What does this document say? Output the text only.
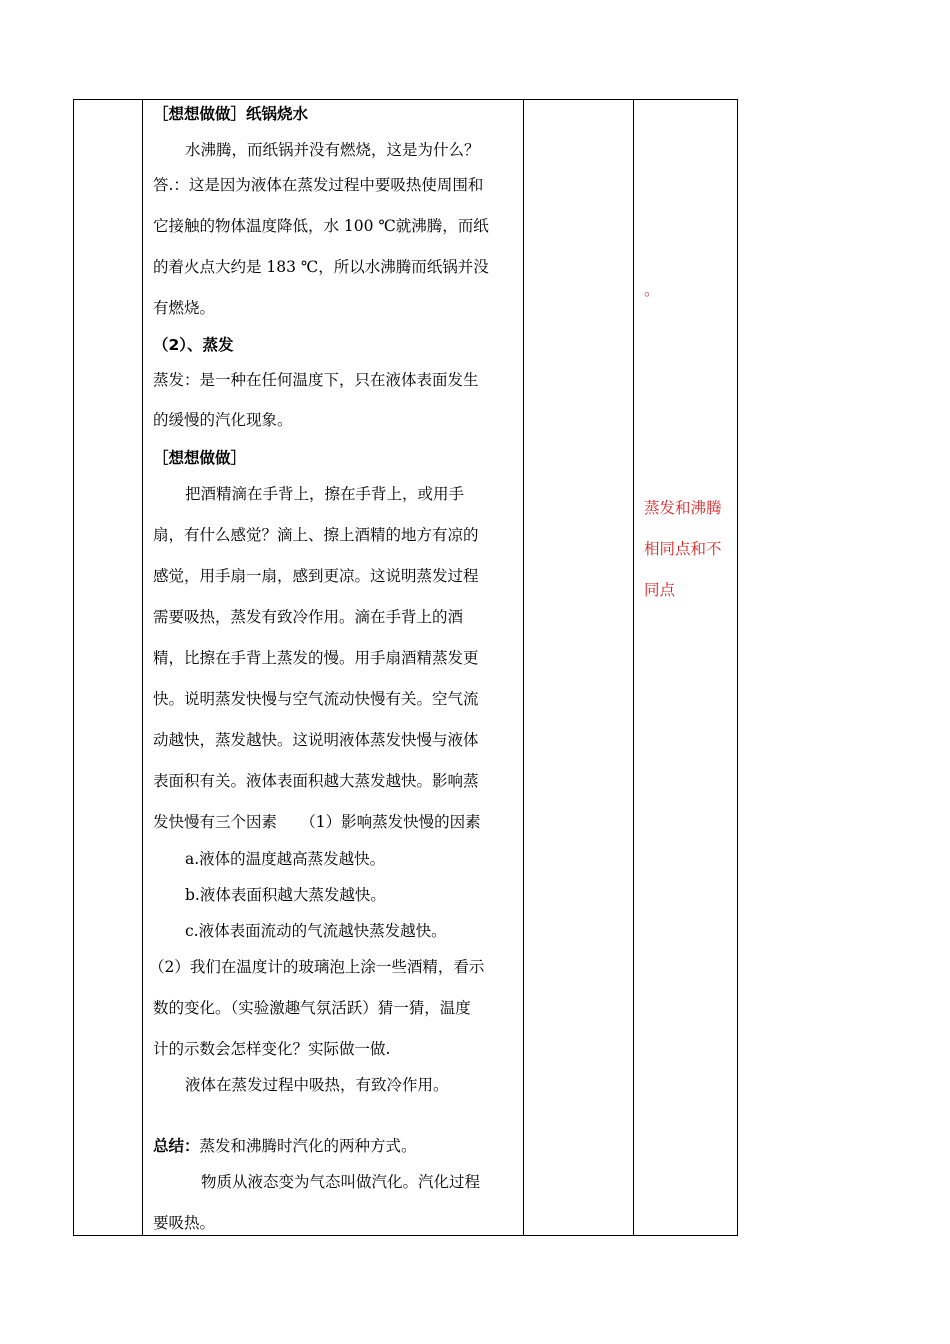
［想想做做］纸锅烧水
水沸腾，而纸锅并没有燃烧，这是为什么？
答.：这是因为液体在蒸发过程中要吸热使周围和
它接触的物体温度降低，水 100 ℃就沸腾，而纸
的着火点大约是 183 ℃，所以水沸腾而纸锅并没
有燃烧。
（2）、蒸发
蒸发：是一种在任何温度下，只在液体表面发生
的缓慢的汽化现象。
［想想做做］
把酒精滴在手背上，擦在手背上，或用手
扇，有什么感觉？滴上、擦上酒精的地方有凉的
感觉，用手扇一扇，感到更凉。这说明蒸发过程
需要吸热，蒸发有致冷作用。滴在手背上的酒
精，比擦在手背上蒸发的慢。用手扇酒精蒸发更
快。说明蒸发快慢与空气流动快慢有关。空气流
动越快，蒸发越快。这说明液体蒸发快慢与液体
表面积有关。液体表面积越大蒸发越快。影响蒸
发快慢有三个因素　　（1）影响蒸发快慢的因素
a.液体的温度越高蒸发越快。
b.液体表面积越大蒸发越快。
c.液体表面流动的气流越快蒸发越快。
（2）我们在温度计的玻璃泡上涂一些酒精，看示
数的变化。（实验激趣气氛活跃）猜一猜，温度
计的示数会怎样变化？实际做一做.
液体在蒸发过程中吸热，有致冷作用。
总结：蒸发和沸腾时汽化的两种方式。
物质从液态变为气态叫做汽化。汽化过程
要吸热。
。
蒸发和沸腾
相同点和不
同点
